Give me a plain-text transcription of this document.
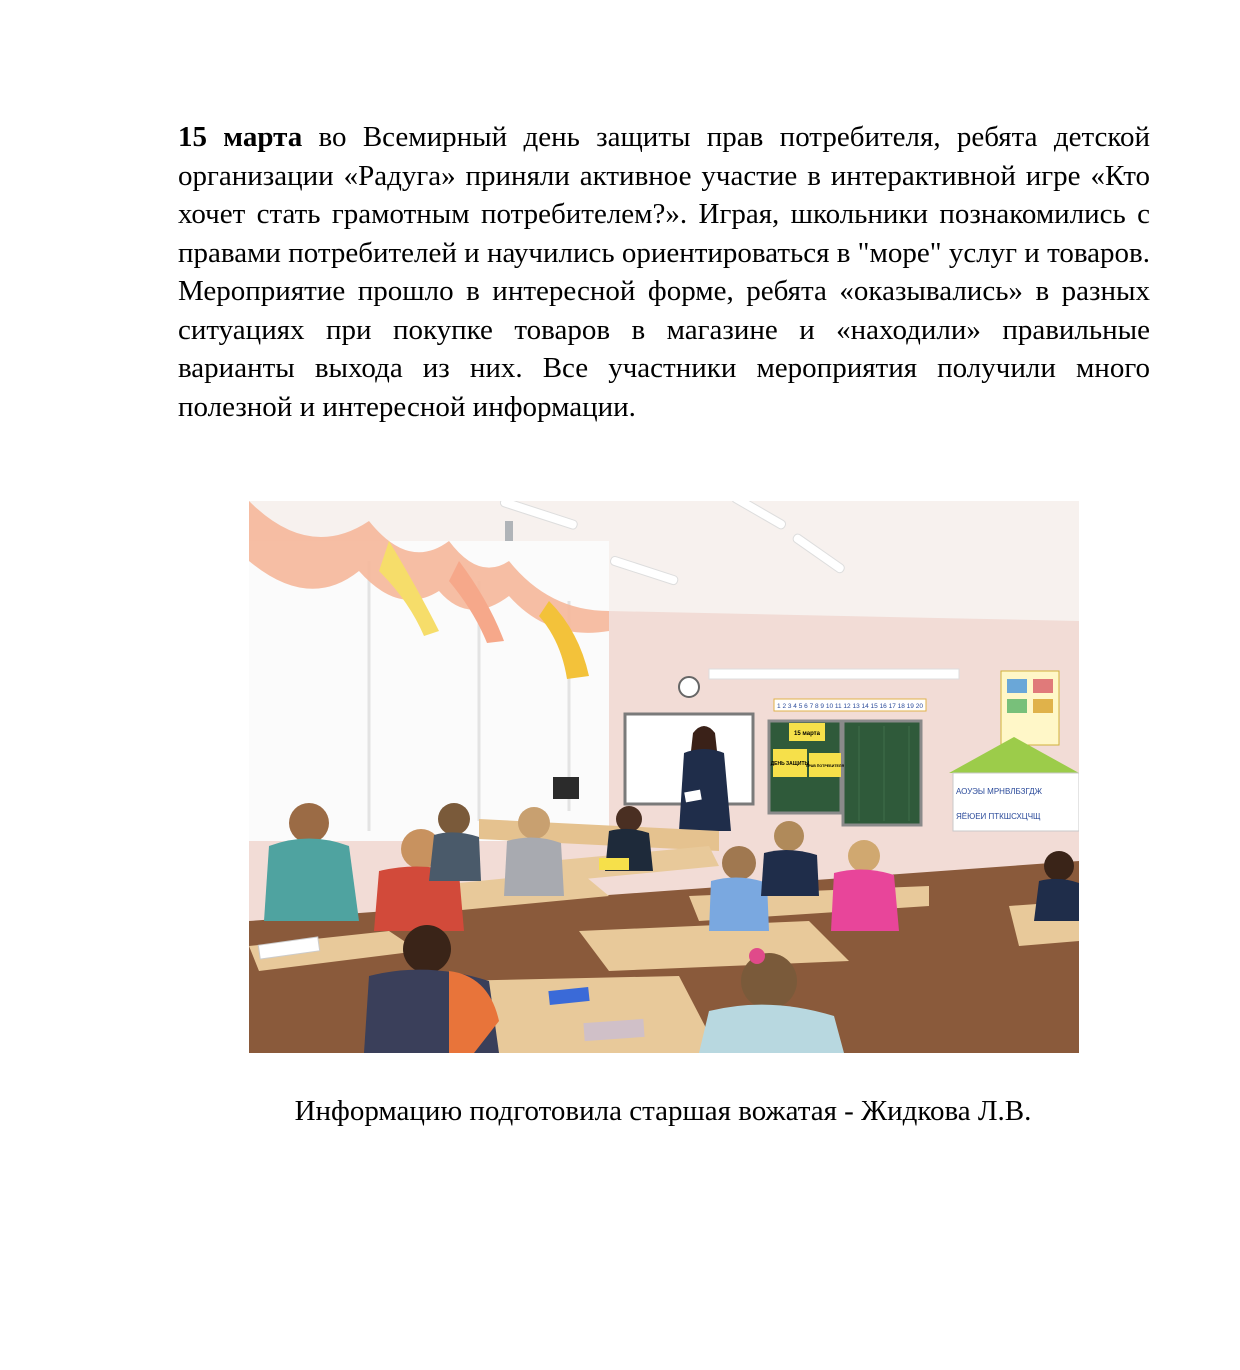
15 марта во Всемирный день защиты прав потребителя, ребята детской организации «Радуга» приняли активное участие в интерактивной игре «Кто хочет стать грамотным потребителем?». Играя, школьники познакомились с правами потребителей и научились ориентироваться в "море" услуг и товаров. Мероприятие прошло в интересной форме, ребята «оказывались» в разных ситуациях при покупке товаров в магазине и «находили» правильные варианты выхода из них. Все участники мероприятия получили много полезной и интересной информации.

1 2 3 4 5 6 7 8 9 10 11 12 13 14 15 16 17 18 19 20
15 марта
ДЕНЬ ЗАЩИТЫ
ПРАВ ПОТРЕБИТЕЛЯ
АОУЭЫ МРНВЛБЗГДЖ
ЯЁЮЕИ ПТКШСХЦЧЩ

Информацию подготовила старшая вожатая - Жидкова Л.В.
